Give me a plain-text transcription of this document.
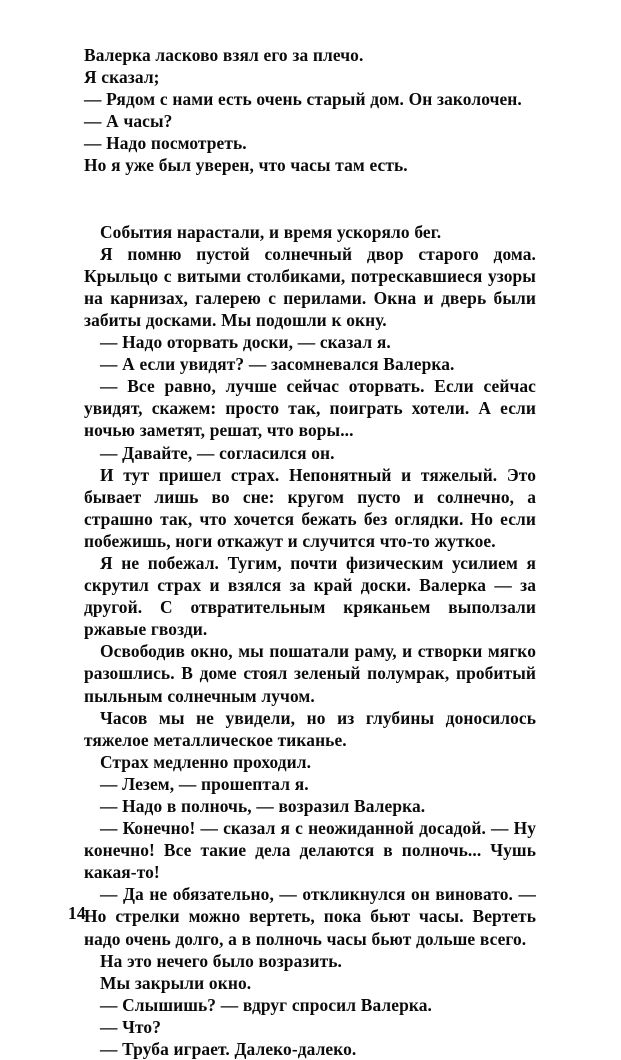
Валерка ласково взял его за плечо.

Я сказал;

— Рядом с нами есть очень старый дом. Он заколочен.

— А часы?

— Надо посмотреть.

Но я уже был уверен, что часы там есть.

События нарастали, и время ускоряло бег.

Я помню пустой солнечный двор старого дома. Крыльцо с витыми столбиками, потрескавшиеся узоры на карнизах, галерею с перилами. Окна и дверь были забиты досками. Мы подошли к окну.

— Надо оторвать доски, — сказал я.

— А если увидят? — засомневался Валерка.

— Все равно, лучше сейчас оторвать. Если сейчас увидят, скажем: просто так, поиграть хотели. А если ночью заметят, решат, что воры...

— Давайте, — согласился он.

И тут пришел страх. Непонятный и тяжелый. Это бывает лишь во сне: кругом пусто и солнечно, а страшно так, что хочется бежать без оглядки. Но если побежишь, ноги откажут и случится что-то жуткое.

Я не побежал. Тугим, почти физическим усилием я скрутил страх и взялся за край доски. Валерка — за другой. С отвратительным кряканьем выползали ржавые гвозди.

Освободив окно, мы пошатали раму, и створки мягко разошлись. В доме стоял зеленый полумрак, пробитый пыльным солнечным лучом.

Часов мы не увидели, но из глубины доносилось тяжелое металлическое тиканье.

Страх медленно проходил.

— Лезем, — прошептал я.

— Надо в полночь, — возразил Валерка.

— Конечно! — сказал я с неожиданной досадой. — Ну конечно! Все такие дела делаются в полночь... Чушь какая-то!

— Да не обязательно, — откликнулся он виновато. — Но стрелки можно вертеть, пока бьют часы. Вертеть надо очень долго, а в полночь часы бьют дольше всего.

На это нечего было возразить.

Мы закрыли окно.

— Слышишь? — вдруг спросил Валерка.

— Что?

— Труба играет. Далеко-далеко.

14
